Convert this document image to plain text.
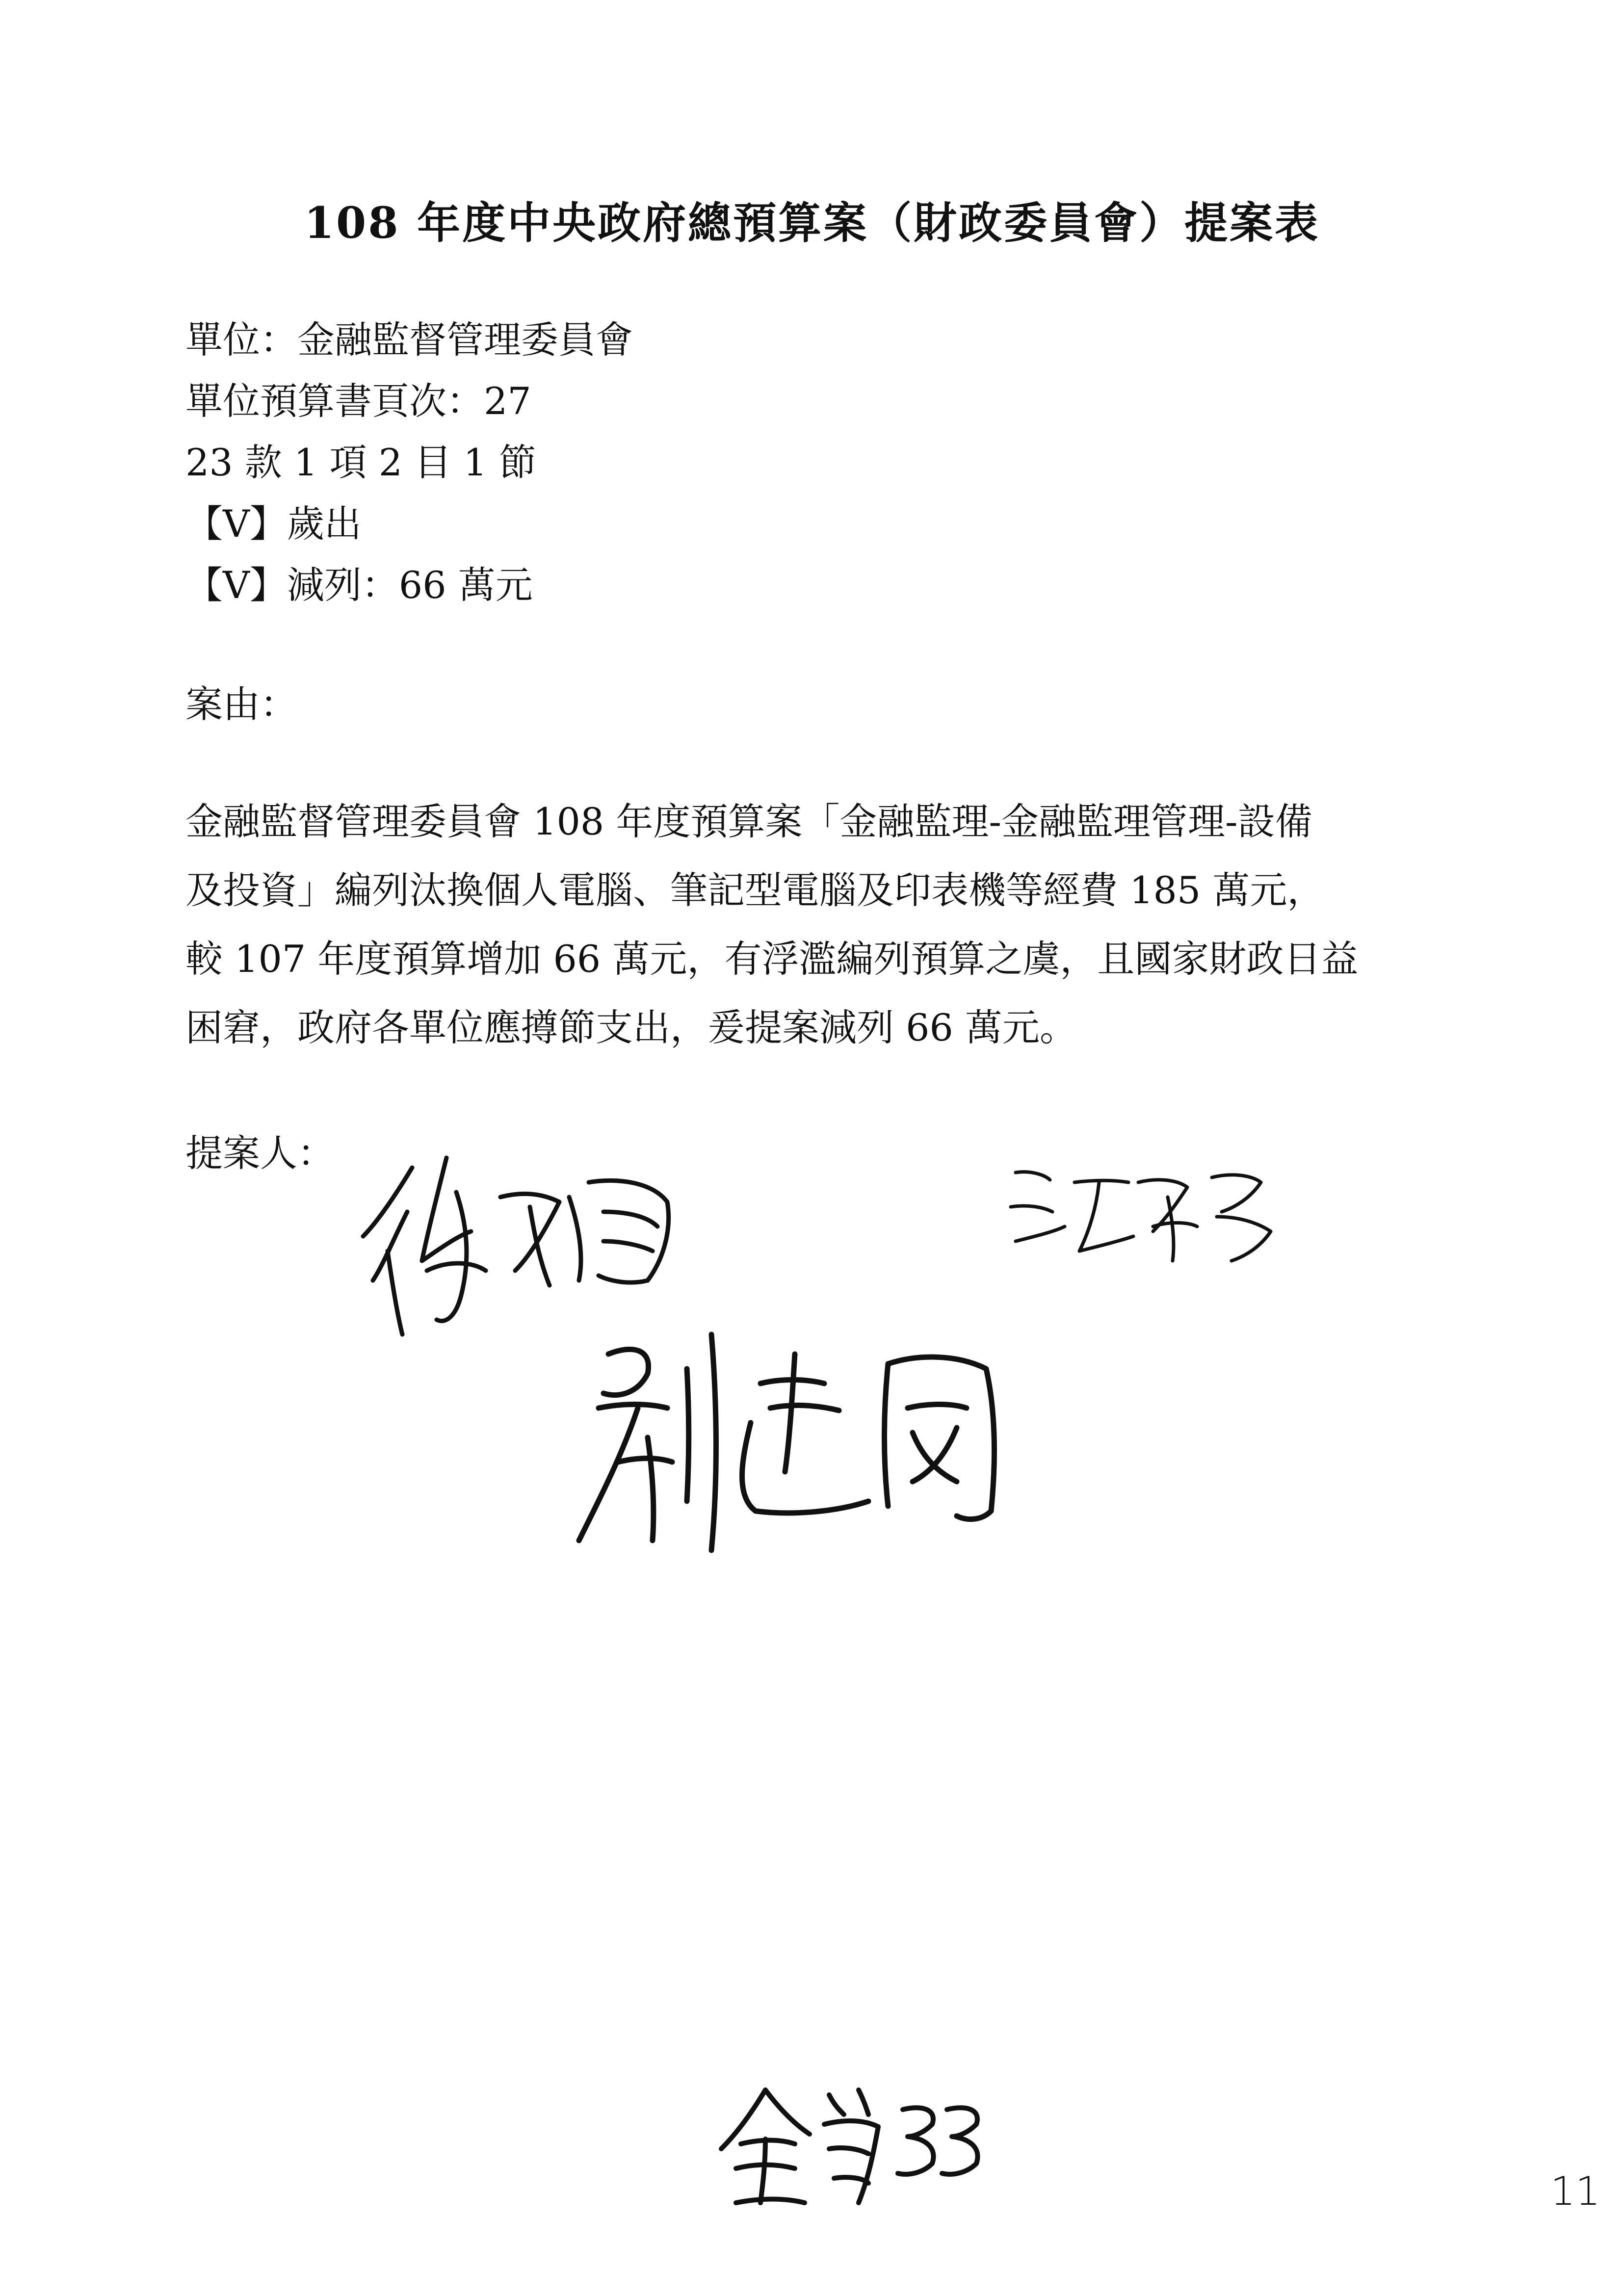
108 年度中央政府總預算案（財政委員會）提案表
單位：金融監督管理委員會
單位預算書頁次：27
23 款 1 項 2 目 1 節
【V】歲出
【V】減列：66 萬元
案由：
金融監督管理委員會 108 年度預算案「金融監理-金融監理管理-設備
及投資」編列汰換個人電腦、筆記型電腦及印表機等經費 185 萬元，
較 107 年度預算增加 66 萬元，有浮濫編列預算之虞，且國家財政日益
困窘，政府各單位應撙節支出，爰提案減列 66 萬元。
提案人：
11
